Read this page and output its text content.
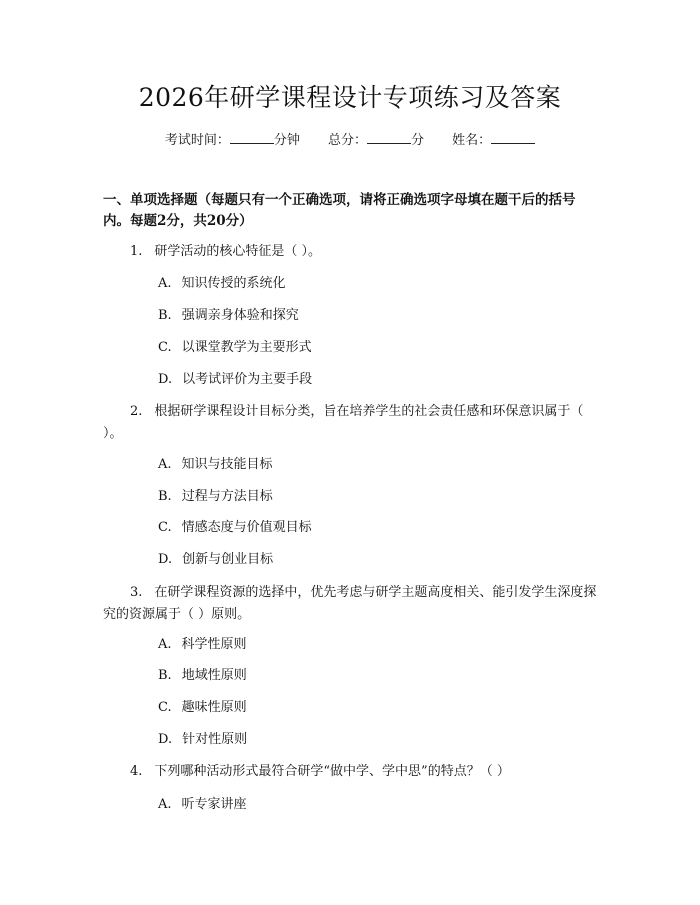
2026年研学课程设计专项练习及答案
考试时间：	分钟 总分：	分 姓名：
一、单项选择题（每题只有一个正确选项，请将正确选项字母填在题干后的括号内。每题2分，共20分）
1. 研学活动的核心特征是（ ）。
A. 知识传授的系统化
B. 强调亲身体验和探究
C. 以课堂教学为主要形式
D. 以考试评价为主要手段
2. 根据研学课程设计目标分类，旨在培养学生的社会责任感和环保意识属于（ ）。
A. 知识与技能目标
B. 过程与方法目标
C. 情感态度与价值观目标
D. 创新与创业目标
3. 在研学课程资源的选择中，优先考虑与研学主题高度相关、能引发学生深度探究的资源属于（ ）原则。
A. 科学性原则
B. 地域性原则
C. 趣味性原则
D. 针对性原则
4. 下列哪种活动形式最符合研学“做中学、学中思”的特点？（ ）
A. 听专家讲座
